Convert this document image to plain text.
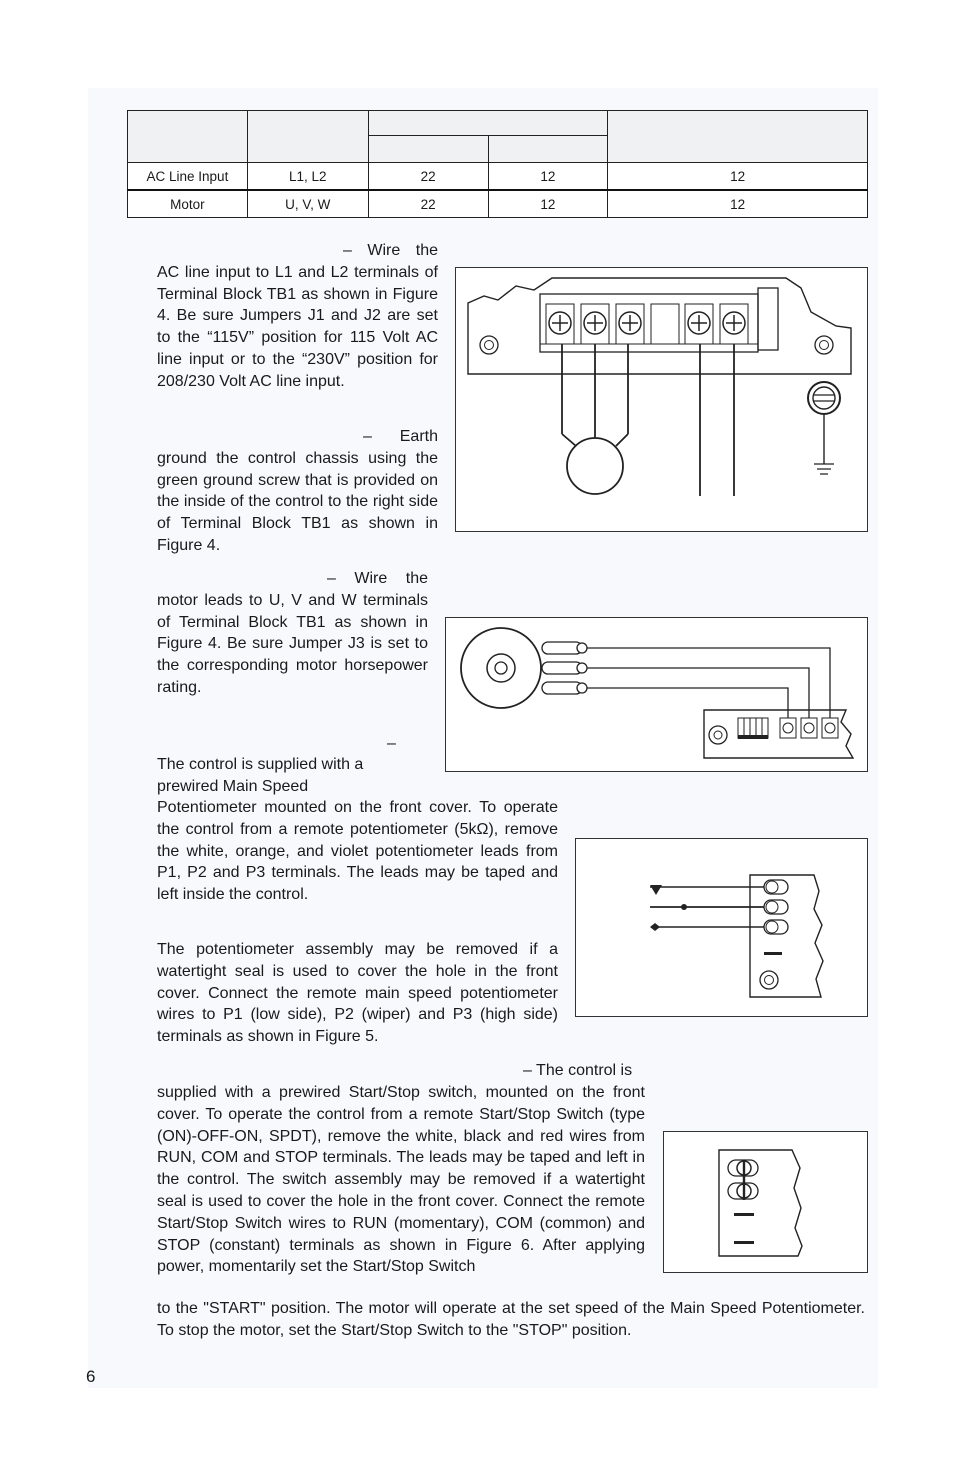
AC Line Input	L1, L2	22	12	12
Motor	U, V, W	22	12	12

– Wire the AC line input to L1 and L2 terminals of Terminal Block TB1 as shown in Figure 4. Be sure Jumpers J1 and J2 are set to the “115V” position for 115 Volt AC line input or to the “230V” position for 208/230 Volt AC line input.

– Earth ground the control chassis using the green ground screw that is provided on the inside of the control to the right side of Terminal Block TB1 as shown in Figure 4.

– Wire the motor leads to U, V and W terminals of Terminal Block TB1 as shown in Figure 4. Be sure Jumper J3 is set to the corresponding motor horsepower rating.

–

The control is supplied with a prewired Main Speed

Potentiometer mounted on the front cover. To operate the control from a remote potentiometer (5kΩ), remove the white, orange, and violet potentiometer leads from P1, P2 and P3 terminals. The leads may be taped and left inside the control.

The potentiometer assembly may be removed if a watertight seal is used to cover the hole in the front cover. Connect the remote main speed potentiometer wires to P1 (low side), P2 (wiper) and P3 (high side) terminals as shown in Figure 5.

– The control is

supplied with a prewired Start/Stop switch, mounted on the front cover. To operate the control from a remote Start/Stop Switch (type (ON)-OFF-ON, SPDT), remove the white, black and red wires from RUN, COM and STOP terminals. The leads may be taped and left in the control. The switch assembly may be removed if a watertight seal is used to cover the hole in the front cover. Connect the remote Start/Stop Switch wires to RUN (momentary), COM (common) and STOP (constant) terminals as shown in Figure 6. After applying power, momentarily set the Start/Stop Switch

to the "START" position. The motor will operate at the set speed of the Main Speed Potentiometer. To stop the motor, set the Start/Stop Switch to the "STOP" position.

6
